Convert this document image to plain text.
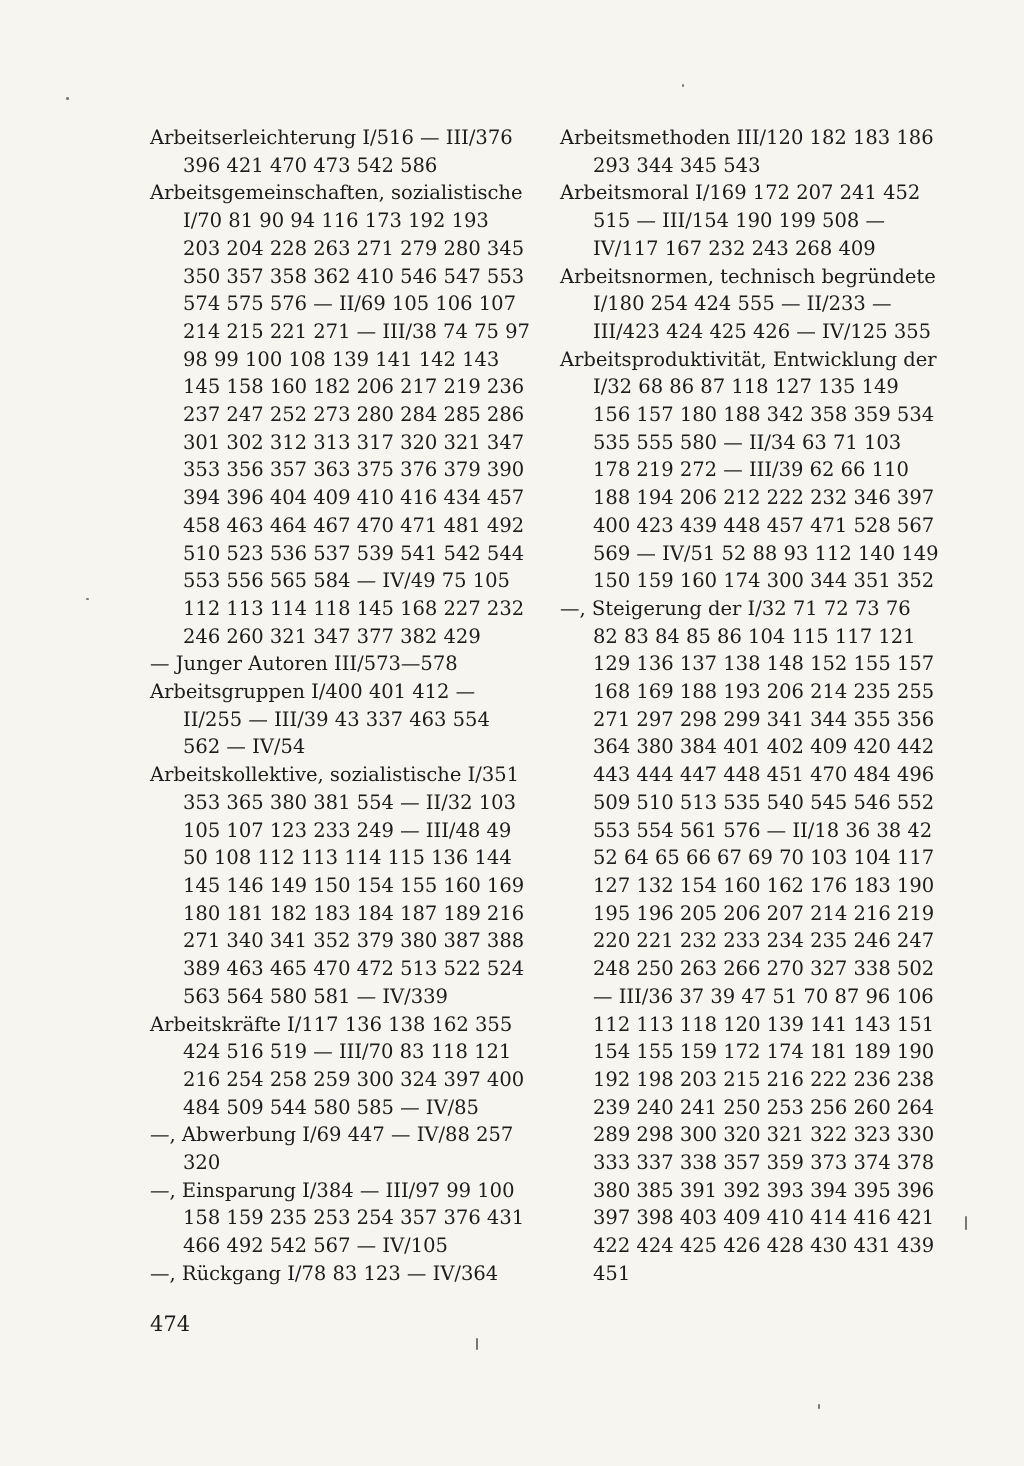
Arbeitserleichterung I/516 — III/376 396 421 470 473 542 586

Arbeitsgemeinschaften, sozialistische I/70 81 90 94 116 173 192 193 203 204 228 263 271 279 280 345 350 357 358 362 410 546 547 553 574 575 576 — II/69 105 106 107 214 215 221 271 — III/38 74 75 97 98 99 100 108 139 141 142 143 145 158 160 182 206 217 219 236 237 247 252 273 280 284 285 286 301 302 312 313 317 320 321 347 353 356 357 363 375 376 379 390 394 396 404 409 410 416 434 457 458 463 464 467 470 471 481 492 510 523 536 537 539 541 542 544 553 556 565 584 — IV/49 75 105 112 113 114 118 145 168 227 232 246 260 321 347 377 382 429

— Junger Autoren III/573—578

Arbeitsgruppen I/400 401 412 — II/255 — III/39 43 337 463 554 562 — IV/54

Arbeitskollektive, sozialistische I/351 353 365 380 381 554 — II/32 103 105 107 123 233 249 — III/48 49 50 108 112 113 114 115 136 144 145 146 149 150 154 155 160 169 180 181 182 183 184 187 189 216 271 340 341 352 379 380 387 388 389 463 465 470 472 513 522 524 563 564 580 581 — IV/339

Arbeitskräfte I/117 136 138 162 355 424 516 519 — III/70 83 118 121 216 254 258 259 300 324 397 400 484 509 544 580 585 — IV/85

—, Abwerbung I/69 447 — IV/88 257 320

—, Einsparung I/384 — III/97 99 100 158 159 235 253 254 357 376 431 466 492 542 567 — IV/105

—, Rückgang I/78 83 123 — IV/364

Arbeitsmethoden III/120 182 183 186 293 344 345 543

Arbeitsmoral I/169 172 207 241 452 515 — III/154 190 199 508 — IV/117 167 232 243 268 409

Arbeitsnormen, technisch begründete I/180 254 424 555 — II/233 — III/423 424 425 426 — IV/125 355

Arbeitsproduktivität, Entwicklung der I/32 68 86 87 118 127 135 149 156 157 180 188 342 358 359 534 535 555 580 — II/34 63 71 103 178 219 272 — III/39 62 66 110 188 194 206 212 222 232 346 397 400 423 439 448 457 471 528 567 569 — IV/51 52 88 93 112 140 149 150 159 160 174 300 344 351 352

—, Steigerung der I/32 71 72 73 76 82 83 84 85 86 104 115 117 121 129 136 137 138 148 152 155 157 168 169 188 193 206 214 235 255 271 297 298 299 341 344 355 356 364 380 384 401 402 409 420 442 443 444 447 448 451 470 484 496 509 510 513 535 540 545 546 552 553 554 561 576 — II/18 36 38 42 52 64 65 66 67 69 70 103 104 117 127 132 154 160 162 176 183 190 195 196 205 206 207 214 216 219 220 221 232 233 234 235 246 247 248 250 263 266 270 327 338 502— III/36 37 39 47 51 70 87 96 106 112 113 118 120 139 141 143 151 154 155 159 172 174 181 189 190 192 198 203 215 216 222 236 238 239 240 241 250 253 256 260 264 289 298 300 320 321 322 323 330 333 337 338 357 359 373 374 378 380 385 391 392 393 394 395 396 397 398 403 409 410 414 416 421 422 424 425 426 428 430 431 439 451

474
